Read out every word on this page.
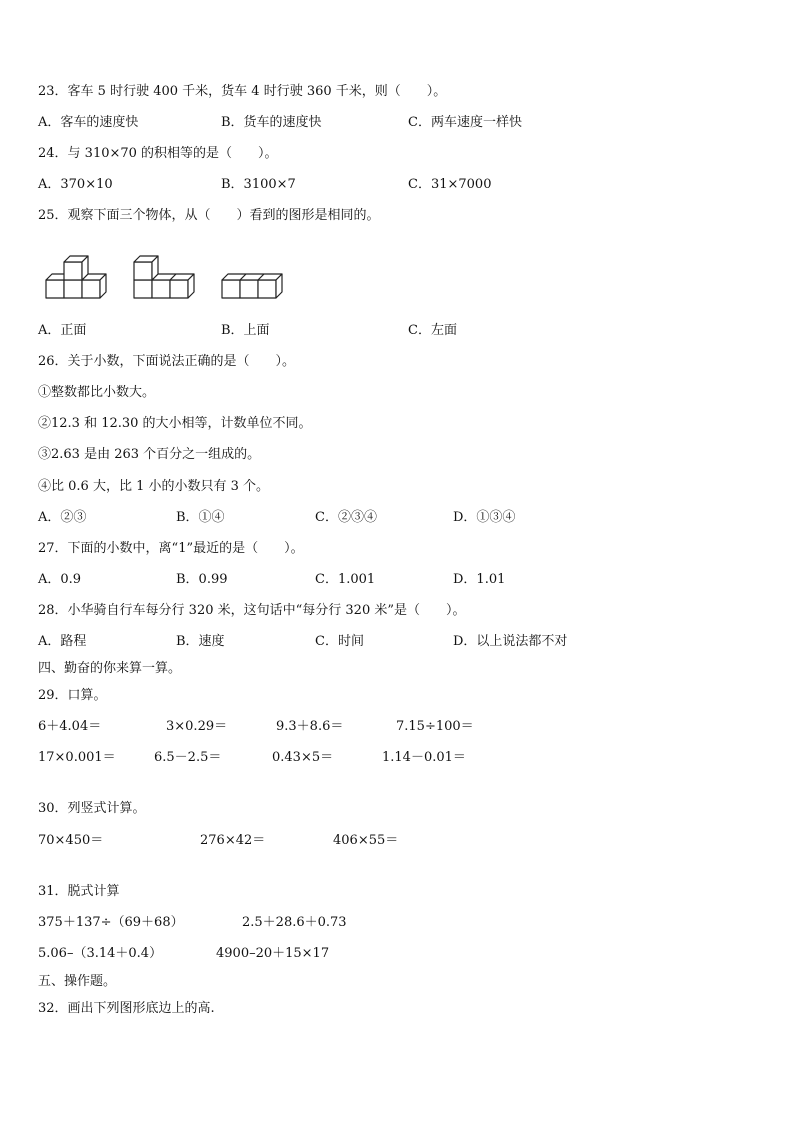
23．客车 5 时行驶 400 千米，货车 4 时行驶 360 千米，则（　　）。
A．客车的速度快	B．货车的速度快	C．两车速度一样快
24．与 310×70 的积相等的是（　　）。
A．370×10	B．3100×7	C．31×7000
25．观察下面三个物体，从（　　）看到的图形是相同的。
A．正面	B．上面	C．左面
26．关于小数，下面说法正确的是（　　）。
①整数都比小数大。
②12.3 和 12.30 的大小相等，计数单位不同。
③2.63 是由 263 个百分之一组成的。
④比 0.6 大，比 1 小的小数只有 3 个。
A．②③	B．①④	C．②③④	D．①③④
27．下面的小数中，离“1”最近的是（　　）。
A．0.9	B．0.99	C．1.001	D．1.01
28．小华骑自行车每分行 320 米，这句话中“每分行 320 米”是（　　）。
A．路程	B．速度	C．时间	D．以上说法都不对
四、勤奋的你来算一算。
29．口算。
6＋4.04＝	3×0.29＝	9.3＋8.6＝	7.15÷100＝
17×0.001＝	6.5－2.5＝	0.43×5＝	1.14－0.01＝
30．列竖式计算。
70×450＝	276×42＝	406×55＝
31．脱式计算
375＋137÷（69＋68）	2.5＋28.6＋0.73
5.06–（3.14＋0.4）	4900–20＋15×17
五、操作题。
32．画出下列图形底边上的高.
